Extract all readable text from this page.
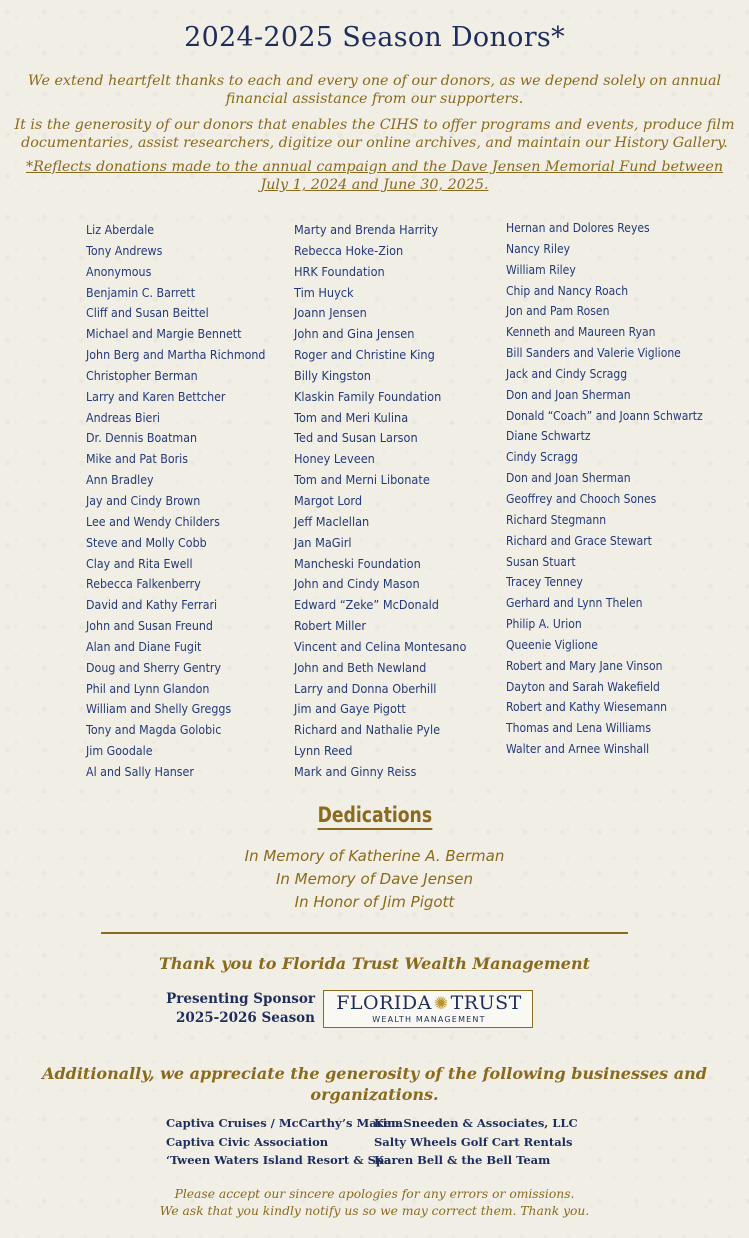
2024-2025 Season Donors*

We extend heartfelt thanks to each and every one of our donors, as we depend solely on annual financial assistance from our supporters.

It is the generosity of our donors that enables the CIHS to offer programs and events, produce film documentaries, assist researchers, digitize our online archives, and maintain our History Gallery.

*Reflects donations made to the annual campaign and the Dave Jensen Memorial Fund between July 1, 2024 and June 30, 2025.

Liz Aberdale
Tony Andrews
Anonymous
Benjamin C. Barrett
Cliff and Susan Beittel
Michael and Margie Bennett
John Berg and Martha Richmond
Christopher Berman
Larry and Karen Bettcher
Andreas Bieri
Dr. Dennis Boatman
Mike and Pat Boris
Ann Bradley
Jay and Cindy Brown
Lee and Wendy Childers
Steve and Molly Cobb
Clay and Rita Ewell
Rebecca Falkenberry
David and Kathy Ferrari
John and Susan Freund
Alan and Diane Fugit
Doug and Sherry Gentry
Phil and Lynn Glandon
William and Shelly Greggs
Tony and Magda Golobic
Jim Goodale
Al and Sally Hanser
Marty and Brenda Harrity
Rebecca Hoke-Zion
HRK Foundation
Tim Huyck
Joann Jensen
John and Gina Jensen
Roger and Christine King
Billy Kingston
Klaskin Family Foundation
Tom and Meri Kulina
Ted and Susan Larson
Honey Leveen
Tom and Merni Libonate
Margot Lord
Jeff Maclellan
Jan MaGirl
Mancheski Foundation
John and Cindy Mason
Edward “Zeke” McDonald
Robert Miller
Vincent and Celina Montesano
John and Beth Newland
Larry and Donna Oberhill
Jim and Gaye Pigott
Richard and Nathalie Pyle
Lynn Reed
Mark and Ginny Reiss
Hernan and Dolores Reyes
Nancy Riley
William Riley
Chip and Nancy Roach
Jon and Pam Rosen
Kenneth and Maureen Ryan
Bill Sanders and Valerie Viglione
Jack and Cindy Scragg
Don and Joan Sherman
Donald “Coach” and Joann Schwartz
Diane Schwartz
Cindy Scragg
Don and Joan Sherman
Geoffrey and Chooch Sones
Richard Stegmann
Richard and Grace Stewart
Susan Stuart
Tracey Tenney
Gerhard and Lynn Thelen
Philip A. Urion
Queenie Viglione
Robert and Mary Jane Vinson
Dayton and Sarah Wakefield
Robert and Kathy Wiesemann
Thomas and Lena Williams
Walter and Arnee Winshall
Dedications
In Memory of Katherine A. Berman
In Memory of Dave Jensen
In Honor of Jim Pigott
Thank you to Florida Trust Wealth Management
Presenting Sponsor
2025-2026 Season
FLORIDA ✺ TRUST
WEALTH MANAGEMENT

Additionally, we appreciate the generosity of the following businesses and organizations.

Captiva Cruises / McCarthy’s Marina
Captiva Civic Association
‘Tween Waters Island Resort & Spa
Ken Sneeden & Associates, LLC
Salty Wheels Golf Cart Rentals
Karen Bell & the Bell Team
Please accept our sincere apologies for any errors or omissions.
We ask that you kindly notify us so we may correct them. Thank you.
